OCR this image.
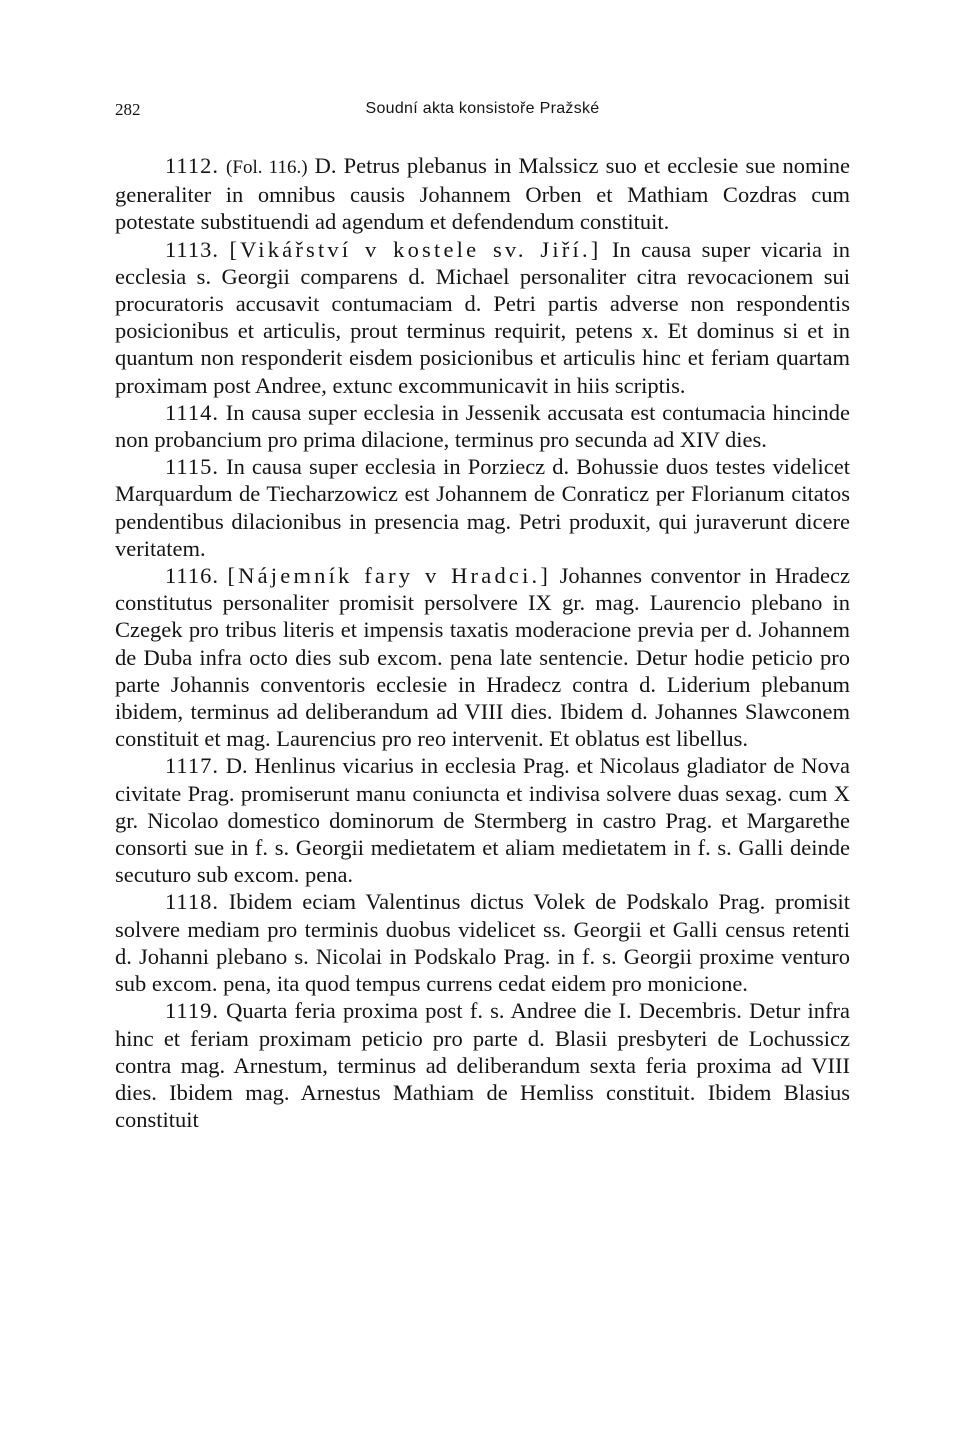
282	Soudní akta konsistoře Pražské

1112. (Fol. 116.) D. Petrus plebanus in Malssicz suo et ecclesie sue nomine generaliter in omnibus causis Johannem Orben et Mathiam Cozdras cum potestate substituendi ad agendum et defendendum constituit.

1113. [Vikářství v kostele sv. Jiří.] In causa super vicaria in ecclesia s. Georgii comparens d. Michael personaliter citra revocacionem sui procuratoris accusavit contumaciam d. Petri partis adverse non respondentis posicionibus et articulis, prout terminus requirit, petens x. Et dominus si et in quantum non responderit eisdem posicionibus et articulis hinc et feriam quartam proximam post Andree, extunc excommunicavit in hiis scriptis.

1114. In causa super ecclesia in Jessenik accusata est contumacia hincinde non probancium pro prima dilacione, terminus pro secunda ad XIV dies.

1115. In causa super ecclesia in Porziecz d. Bohussie duos testes videlicet Marquardum de Tiecharzowicz est Johannem de Conraticz per Florianum citatos pendentibus dilacionibus in presencia mag. Petri produxit, qui juraverunt dicere veritatem.

1116. [Nájemník fary v Hradci.] Johannes conventor in Hradecz constitutus personaliter promisit persolvere IX gr. mag. Laurencio plebano in Czegek pro tribus literis et impensis taxatis moderacione previa per d. Johannem de Duba infra octo dies sub excom. pena late sentencie. Detur hodie peticio pro parte Johannis conventoris ecclesie in Hradecz contra d. Liderium plebanum ibidem, terminus ad deliberandum ad VIII dies. Ibidem d. Johannes Slawconem constituit et mag. Laurencius pro reo intervenit. Et oblatus est libellus.

1117. D. Henlinus vicarius in ecclesia Prag. et Nicolaus gladiator de Nova civitate Prag. promiserunt manu coniuncta et indivisa solvere duas sexag. cum X gr. Nicolao domestico dominorum de Stermberg in castro Prag. et Margarethe consorti sue in f. s. Georgii medietatem et aliam medietatem in f. s. Galli deinde secuturo sub excom. pena.

1118. Ibidem eciam Valentinus dictus Volek de Podskalo Prag. promisit solvere mediam pro terminis duobus videlicet ss. Georgii et Galli census retenti d. Johanni plebano s. Nicolai in Podskalo Prag. in f. s. Georgii proxime venturo sub excom. pena, ita quod tempus currens cedat eidem pro monicione.

1119. Quarta feria proxima post f. s. Andree die I. Decembris. Detur infra hinc et feriam proximam peticio pro parte d. Blasii presbyteri de Lochussicz contra mag. Arnestum, terminus ad deliberandum sexta feria proxima ad VIII dies. Ibidem mag. Arnestus Mathiam de Hemliss constituit. Ibidem Blasius constituit
